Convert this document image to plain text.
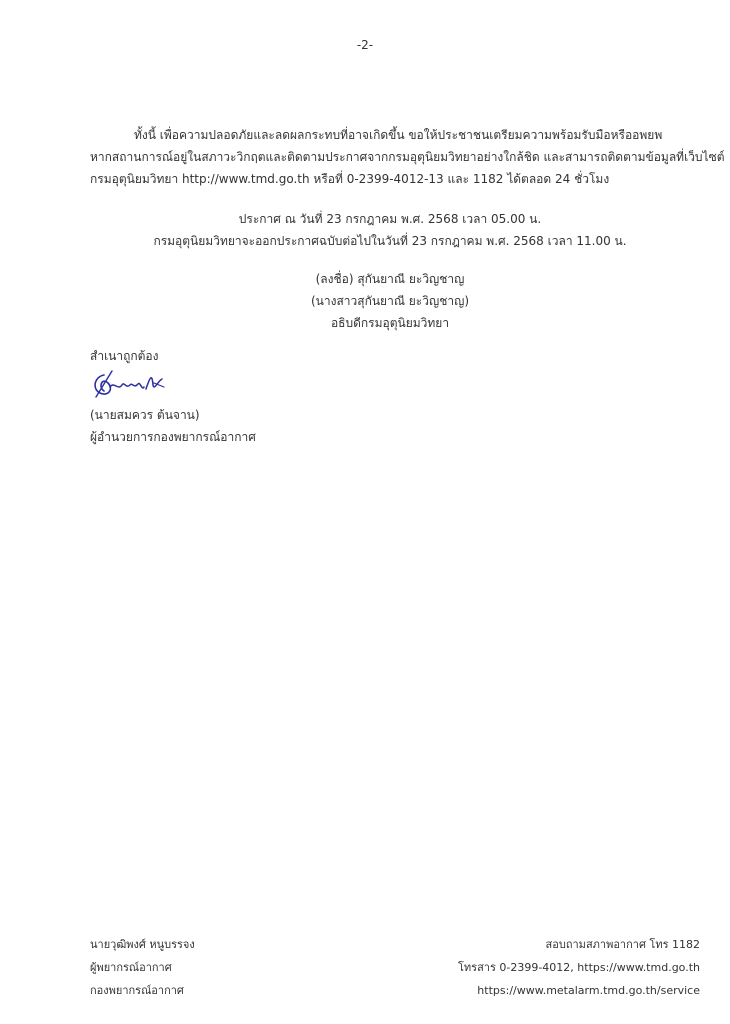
-2-
ทั้งนี้ เพื่อความปลอดภัยและลดผลกระทบที่อาจเกิดขึ้น ขอให้ประชาชนเตรียมความพร้อมรับมือหรืออพยพ
หากสถานการณ์อยู่ในสภาวะวิกฤตและติดตามประกาศจากกรมอุตุนิยมวิทยาอย่างใกล้ชิด และสามารถติดตามข้อมูลที่เว็บไซต์
กรมอุตุนิยมวิทยา http://www.tmd.go.th หรือที่ 0-2399-4012-13 และ 1182 ได้ตลอด 24 ชั่วโมง
ประกาศ ณ วันที่ 23 กรกฎาคม พ.ศ. 2568 เวลา 05.00 น.
กรมอุตุนิยมวิทยาจะออกประกาศฉบับต่อไปในวันที่ 23 กรกฎาคม พ.ศ. 2568 เวลา 11.00 น.
(ลงชื่อ) สุกันยาณี ยะวิญชาญ
(นางสาวสุกันยาณี ยะวิญชาญ)
อธิบดีกรมอุตุนิยมวิทยา
สำเนาถูกต้อง
(นายสมควร ต้นจาน)
ผู้อำนวยการกองพยากรณ์อากาศ
นายวุฒิพงศ์ หนูบรรจง
ผู้พยากรณ์อากาศ
กองพยากรณ์อากาศ
สอบถามสภาพอากาศ โทร 1182
โทรสาร 0-2399-4012, https://www.tmd.go.th
https://www.metalarm.tmd.go.th/service
